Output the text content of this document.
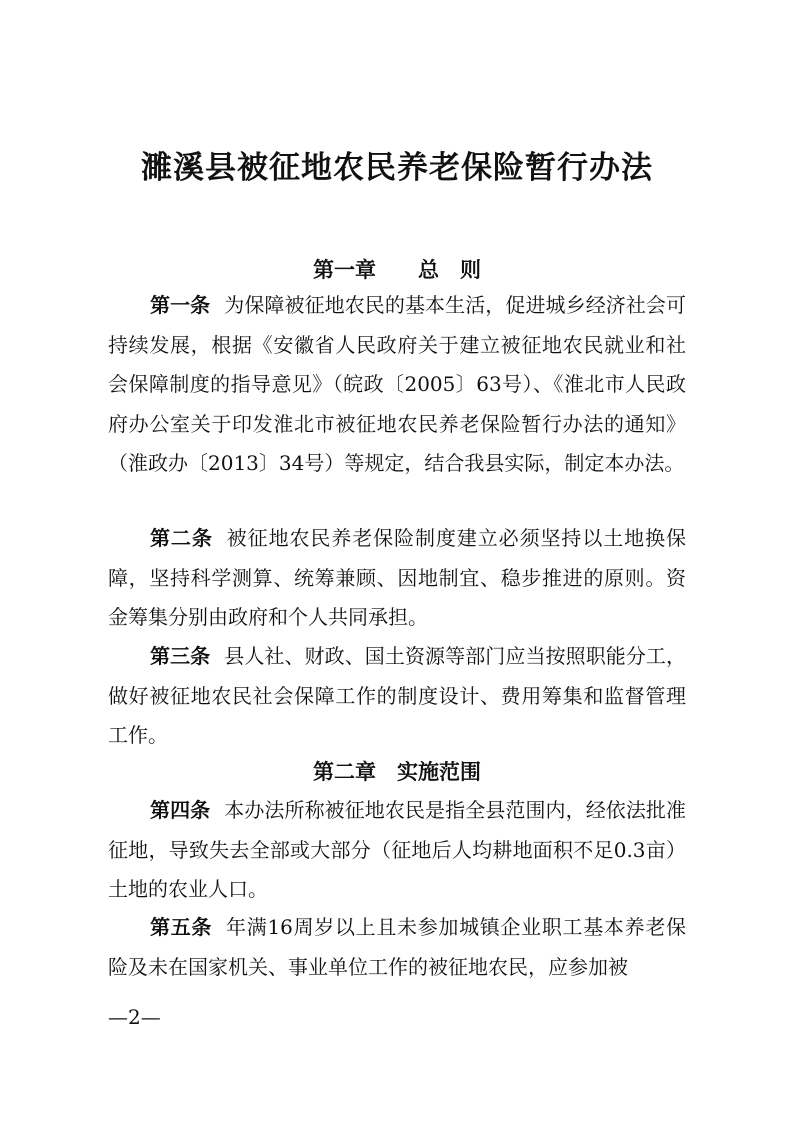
濉溪县被征地农民养老保险暂行办法
第一章　　总　则

第一条 为保障被征地农民的基本生活，促进城乡经济社会可持续发展，根据《安徽省人民政府关于建立被征地农民就业和社会保障制度的指导意见》（皖政〔2005〕63号）、《淮北市人民政府办公室关于印发淮北市被征地农民养老保险暂行办法的通知》（淮政办〔2013〕34号）等规定，结合我县实际，制定本办法。

第二条 被征地农民养老保险制度建立必须坚持以土地换保障，坚持科学测算、统筹兼顾、因地制宜、稳步推进的原则。资金筹集分别由政府和个人共同承担。

第三条 县人社、财政、国土资源等部门应当按照职能分工，做好被征地农民社会保障工作的制度设计、费用筹集和监督管理工作。

第二章　实施范围

第四条 本办法所称被征地农民是指全县范围内，经依法批准征地，导致失去全部或大部分（征地后人均耕地面积不足0.3亩）土地的农业人口。

第五条 年满16周岁以上且未参加城镇企业职工基本养老保险及未在国家机关、事业单位工作的被征地农民，应参加被

—2—
